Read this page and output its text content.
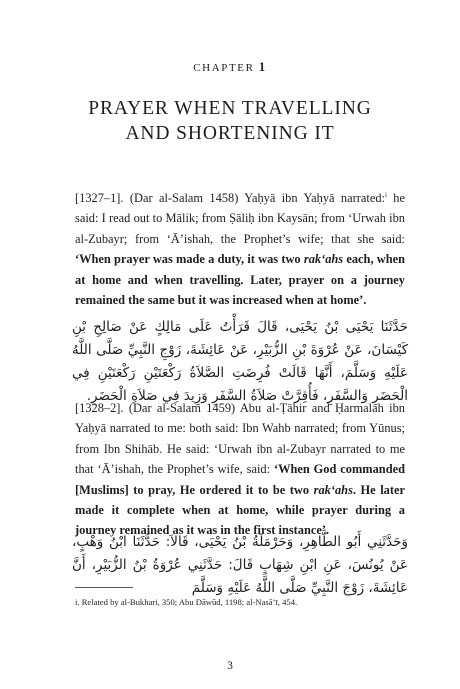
CHAPTER 1
PRAYER WHEN TRAVELLING
AND SHORTENING IT

[1327–1]. (Dar al-Salam 1458) Yaḥyā ibn Yaḥyā narrated:$^i$ he said: I read out to Mālik; from Ṣāliḥ ibn Kaysān; from ‘Urwah ibn al-Zubayr; from ‘Ā’ishah, the Prophet’s wife; that she said: ‘When prayer was made a duty, it was two rak‘ahs each, when at home and when travelling. Later, prayer on a journey remained the same but it was increased when at home’.

حَدَّثَنَا يَحْيَى بْنُ يَحْيَى، قَالَ قَرَأْتُ عَلَى مَالِكٍ عَنْ صَالِحِ بْنِ كَيْسَانَ، عَنْ عُرْوَةَ بْنِ الزُّبَيْرِ، عَنْ عَائِشَةَ، زَوْجِ النَّبِيِّ صَلَّى اللَّهُ عَلَيْهِ وَسَلَّمَ، أَنَّهَا قَالَتْ فُرِضَتِ الصَّلاَةُ رَكْعَتَيْنِ رَكْعَتَيْنِ فِي الْحَضَرِ وَالسَّفَرِ، فَأُقِرَّتْ صَلاَةُ السَّفَرِ وَزِيدَ فِي صَلاَةِ الْحَضَرِ.

[1328–2]. (Dar al-Salam 1459) Abu al-Ṭāhir and Ḥarmalah ibn Yaḥyā narrated to me: both said: Ibn Wahb narrated; from Yūnus; from Ibn Shihāb. He said: ‘Urwah ibn al-Zubayr narrated to me that ‘Ā’ishah, the Prophet’s wife, said: ‘When God commanded [Muslims] to pray, He ordered it to be two rak‘ahs. He later made it complete when at home, while prayer during a journey remained as it was in the first instance’.

وَحَدَّثَنِي أَبُو الطَّاهِرِ، وَحَرْمَلَةُ بْنُ يَحْيَى، قَالاَ: حَدَّثَنَا ابْنُ وَهْبٍ، عَنْ يُونُسَ، عَنِ ابْنِ شِهَابٍ قَالَ: حَدَّثَنِي عُرْوَةُ بْنُ الزُّبَيْرِ، أَنَّ عَائِشَةَ، زَوْجَ النَّبِيِّ صَلَّى اللَّهُ عَلَيْهِ وَسَلَّمَ

i. Related by al-Bukhari, 350; Abu Dāwūd, 1198; al-Nasā’ī, 454.
3
